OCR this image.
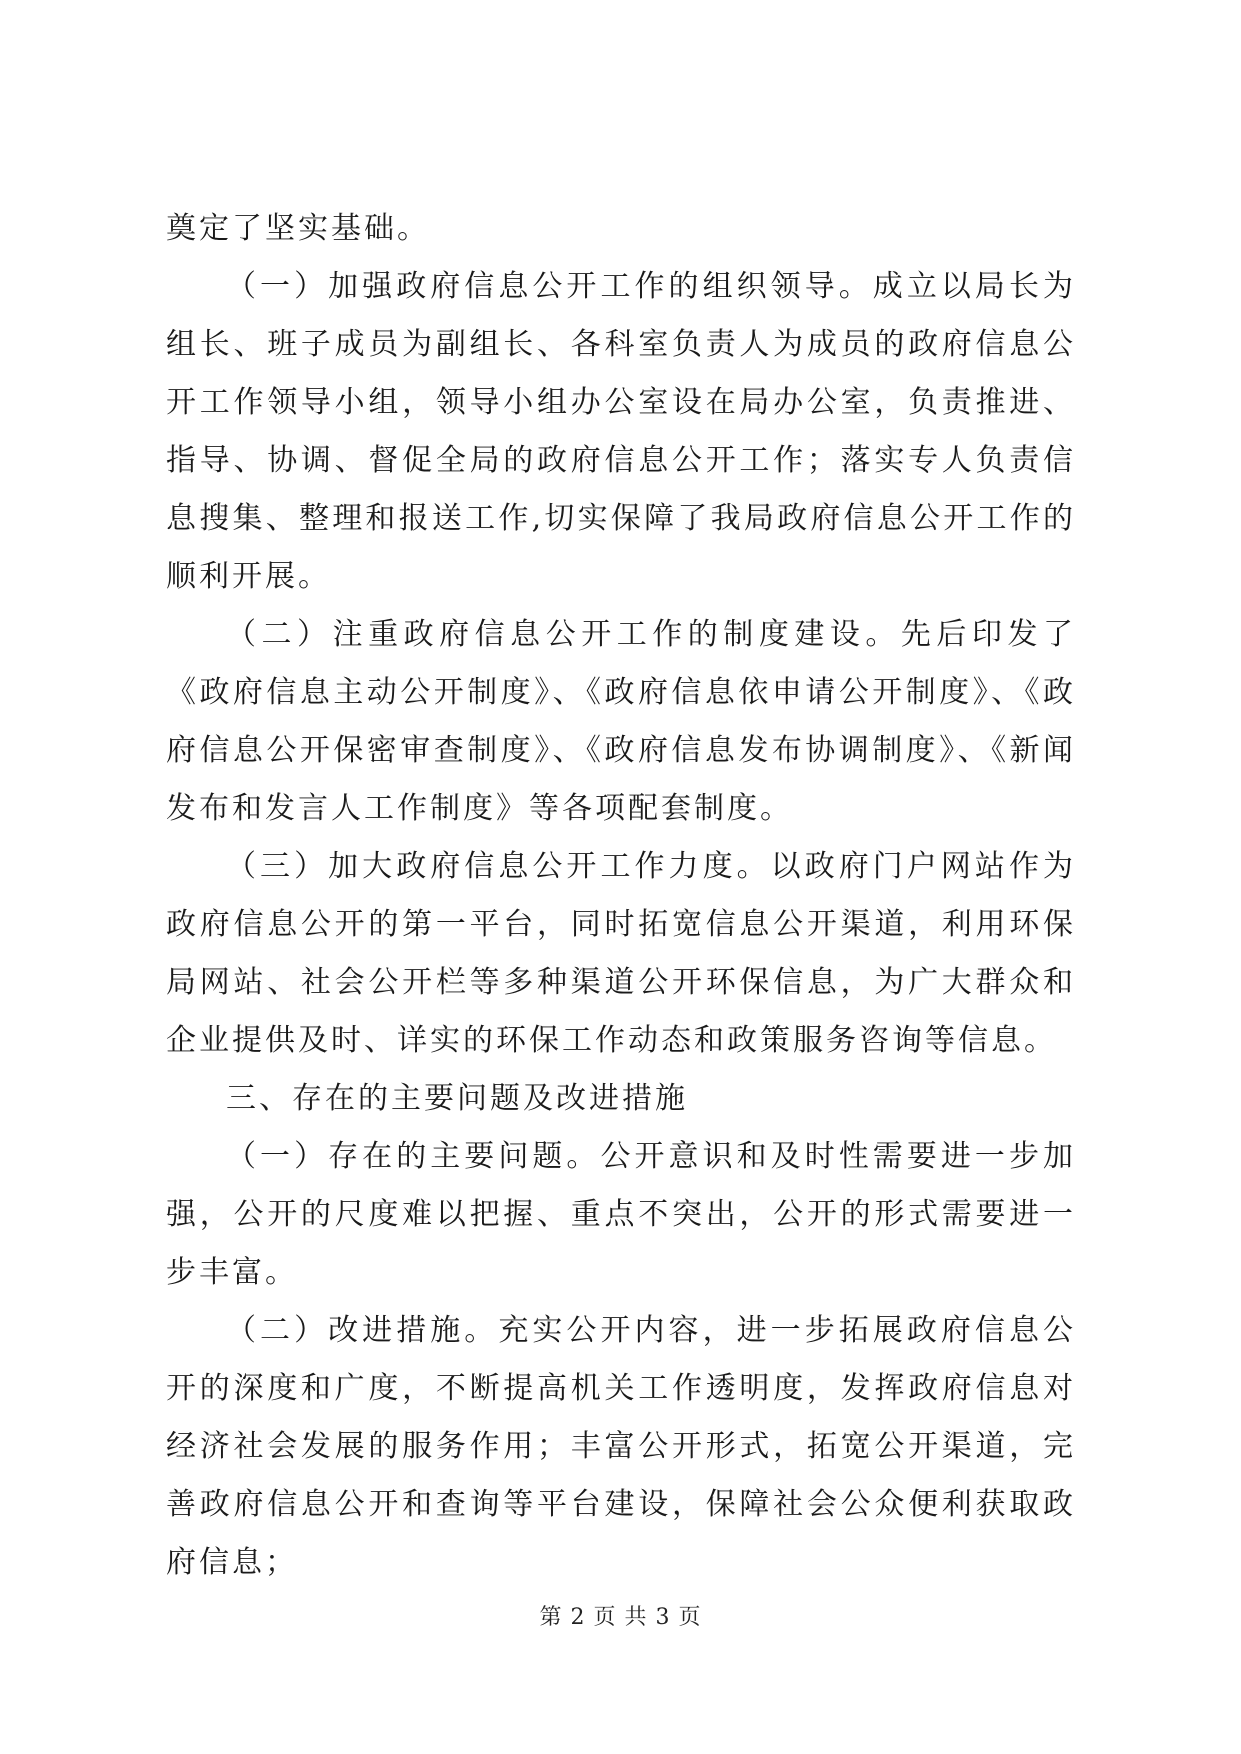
奠定了坚实基础。

（一）加强政府信息公开工作的组织领导。成立以局长为组长、班子成员为副组长、各科室负责人为成员的政府信息公开工作领导小组，领导小组办公室设在局办公室，负责推进、指导、协调、督促全局的政府信息公开工作；落实专人负责信息搜集、整理和报送工作,切实保障了我局政府信息公开工作的顺利开展。

（二）注重政府信息公开工作的制度建设。先后印发了《政府信息主动公开制度》、《政府信息依申请公开制度》、《政府信息公开保密审查制度》、《政府信息发布协调制度》、《新闻发布和发言人工作制度》等各项配套制度。

（三）加大政府信息公开工作力度。以政府门户网站作为政府信息公开的第一平台，同时拓宽信息公开渠道，利用环保局网站、社会公开栏等多种渠道公开环保信息，为广大群众和企业提供及时、详实的环保工作动态和政策服务咨询等信息。

三、存在的主要问题及改进措施

（一）存在的主要问题。公开意识和及时性需要进一步加强，公开的尺度难以把握、重点不突出，公开的形式需要进一步丰富。

（二）改进措施。充实公开内容，进一步拓展政府信息公开的深度和广度，不断提高机关工作透明度，发挥政府信息对经济社会发展的服务作用；丰富公开形式，拓宽公开渠道，完善政府信息公开和查询等平台建设，保障社会公众便利获取政府信息；

第 2 页 共 3 页
